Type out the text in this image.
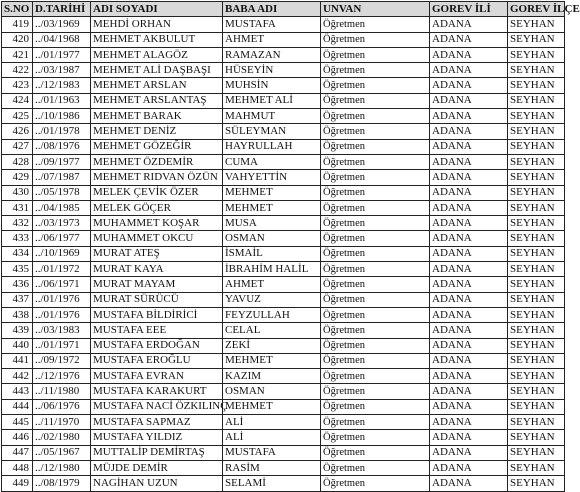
S.NO	D.TARİHİ	ADI SOYADI	BABA ADI	UNVAN	GOREV İLİ	GOREV İLÇE
419	../03/1969	MEHDİ ORHAN	MUSTAFA	Öğretmen	ADANA	SEYHAN
420	../04/1968	MEHMET AKBULUT	AHMET	Öğretmen	ADANA	SEYHAN
421	../01/1977	MEHMET ALAGÖZ	RAMAZAN	Öğretmen	ADANA	SEYHAN
422	../03/1987	MEHMET ALİ DAŞBAŞI	HÜSEYİN	Öğretmen	ADANA	SEYHAN
423	../12/1983	MEHMET ARSLAN	MUHSİN	Öğretmen	ADANA	SEYHAN
424	../01/1963	MEHMET ARSLANTAŞ	MEHMET ALİ	Öğretmen	ADANA	SEYHAN
425	../10/1986	MEHMET BARAK	MAHMUT	Öğretmen	ADANA	SEYHAN
426	../01/1978	MEHMET DENİZ	SÜLEYMAN	Öğretmen	ADANA	SEYHAN
427	../08/1976	MEHMET GÖZEĞİR	HAYRULLAH	Öğretmen	ADANA	SEYHAN
428	../09/1977	MEHMET ÖZDEMİR	CUMA	Öğretmen	ADANA	SEYHAN
429	../07/1987	MEHMET RIDVAN ÖZÜN	VAHYETTİN	Öğretmen	ADANA	SEYHAN
430	../05/1978	MELEK ÇEVİK ÖZER	MEHMET	Öğretmen	ADANA	SEYHAN
431	../04/1985	MELEK GÖÇER	MEHMET	Öğretmen	ADANA	SEYHAN
432	../03/1973	MUHAMMET KOŞAR	MUSA	Öğretmen	ADANA	SEYHAN
433	../06/1977	MUHAMMET OKCU	OSMAN	Öğretmen	ADANA	SEYHAN
434	../10/1969	MURAT ATEŞ	İSMAİL	Öğretmen	ADANA	SEYHAN
435	../01/1972	MURAT KAYA	İBRAHİM HALİL	Öğretmen	ADANA	SEYHAN
436	../06/1971	MURAT MAYAM	AHMET	Öğretmen	ADANA	SEYHAN
437	../01/1976	MURAT SÜRÜCÜ	YAVUZ	Öğretmen	ADANA	SEYHAN
438	../01/1976	MUSTAFA BİLDİRİCİ	FEYZULLAH	Öğretmen	ADANA	SEYHAN
439	../03/1983	MUSTAFA EEE	CELAL	Öğretmen	ADANA	SEYHAN
440	../01/1971	MUSTAFA ERDOĞAN	ZEKİ	Öğretmen	ADANA	SEYHAN
441	../09/1972	MUSTAFA EROĞLU	MEHMET	Öğretmen	ADANA	SEYHAN
442	../12/1976	MUSTAFA EVRAN	KAZIM	Öğretmen	ADANA	SEYHAN
443	../11/1980	MUSTAFA KARAKURT	OSMAN	Öğretmen	ADANA	SEYHAN
444	../06/1976	MUSTAFA NACİ ÖZKILINÇ	MEHMET	Öğretmen	ADANA	SEYHAN
445	../11/1970	MUSTAFA SAPMAZ	ALİ	Öğretmen	ADANA	SEYHAN
446	../02/1980	MUSTAFA YILDIZ	ALİ	Öğretmen	ADANA	SEYHAN
447	../05/1967	MUTTALİP DEMİRTAŞ	MUSTAFA	Öğretmen	ADANA	SEYHAN
448	../12/1980	MÜJDE DEMİR	RASİM	Öğretmen	ADANA	SEYHAN
449	../08/1979	NAGİHAN UZUN	SELAMİ	Öğretmen	ADANA	SEYHAN
